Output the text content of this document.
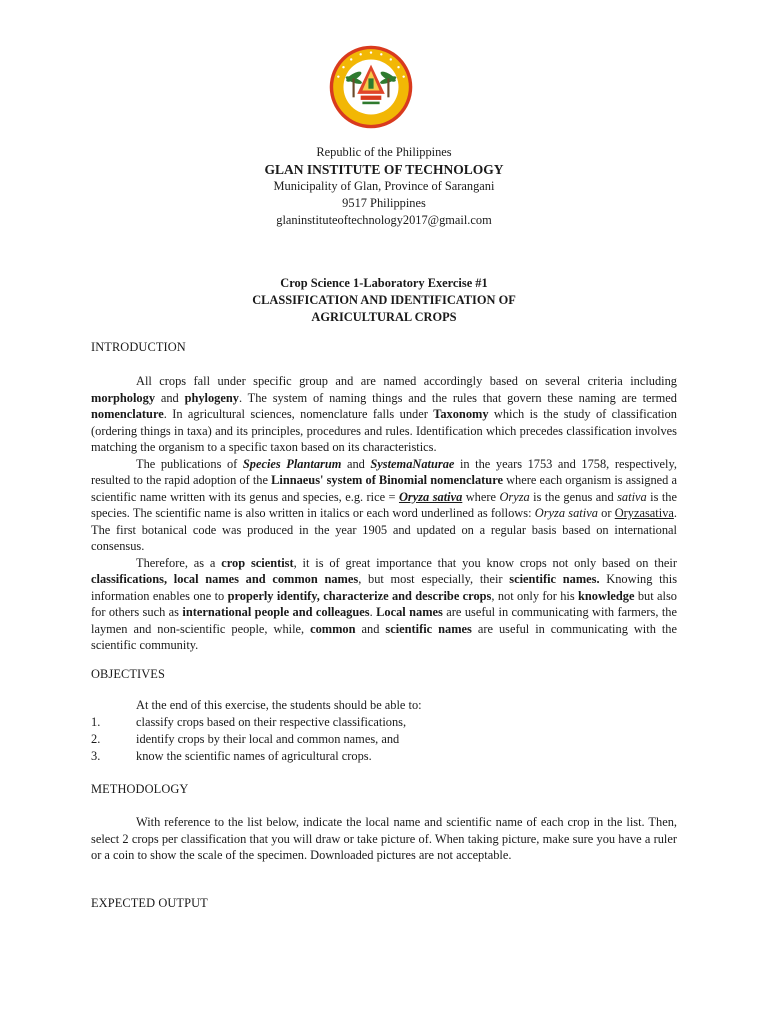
Republic of the Philippines
GLAN INSTITUTE OF TECHNOLOGY
Municipality of Glan, Province of Sarangani
9517 Philippines
glaninstituteoftechnology2017@gmail.com
Crop Science 1-Laboratory Exercise #1
CLASSIFICATION AND IDENTIFICATION OF
AGRICULTURAL CROPS
INTRODUCTION

All crops fall under specific group and are named accordingly based on several criteria including morphology and phylogeny. The system of naming things and the rules that govern these naming are termed nomenclature. In agricultural sciences, nomenclature falls under Taxonomy which is the study of classification (ordering things in taxa) and its principles, procedures and rules. Identification which precedes classification involves matching the organism to a specific taxon based on its characteristics.

The publications of Species Plantarum and SystemaNaturae in the years 1753 and 1758, respectively, resulted to the rapid adoption of the Linnaeus' system of Binomial nomenclature where each organism is assigned a scientific name written with its genus and species, e.g. rice = Oryza sativa where Oryza is the genus and sativa is the species. The scientific name is also written in italics or each word underlined as follows: Oryza sativa or Oryzasativa. The first botanical code was produced in the year 1905 and updated on a regular basis based on international consensus.

Therefore, as a crop scientist, it is of great importance that you know crops not only based on their classifications, local names and common names, but most especially, their scientific names. Knowing this information enables one to properly identify, characterize and describe crops, not only for his knowledge but also for others such as international people and colleagues. Local names are useful in communicating with farmers, the laymen and non-scientific people, while, common and scientific names are useful in communicating with the scientific community.

OBJECTIVES

At the end of this exercise, the students should be able to:

1.	classify crops based on their respective classifications,
2.	identify crops by their local and common names, and
3.	know the scientific names of agricultural crops.
METHODOLOGY

With reference to the list below, indicate the local name and scientific name of each crop in the list. Then, select 2 crops per classification that you will draw or take picture of. When taking picture, make sure you have a ruler or a coin to show the scale of the specimen. Downloaded pictures are not acceptable.

EXPECTED OUTPUT
